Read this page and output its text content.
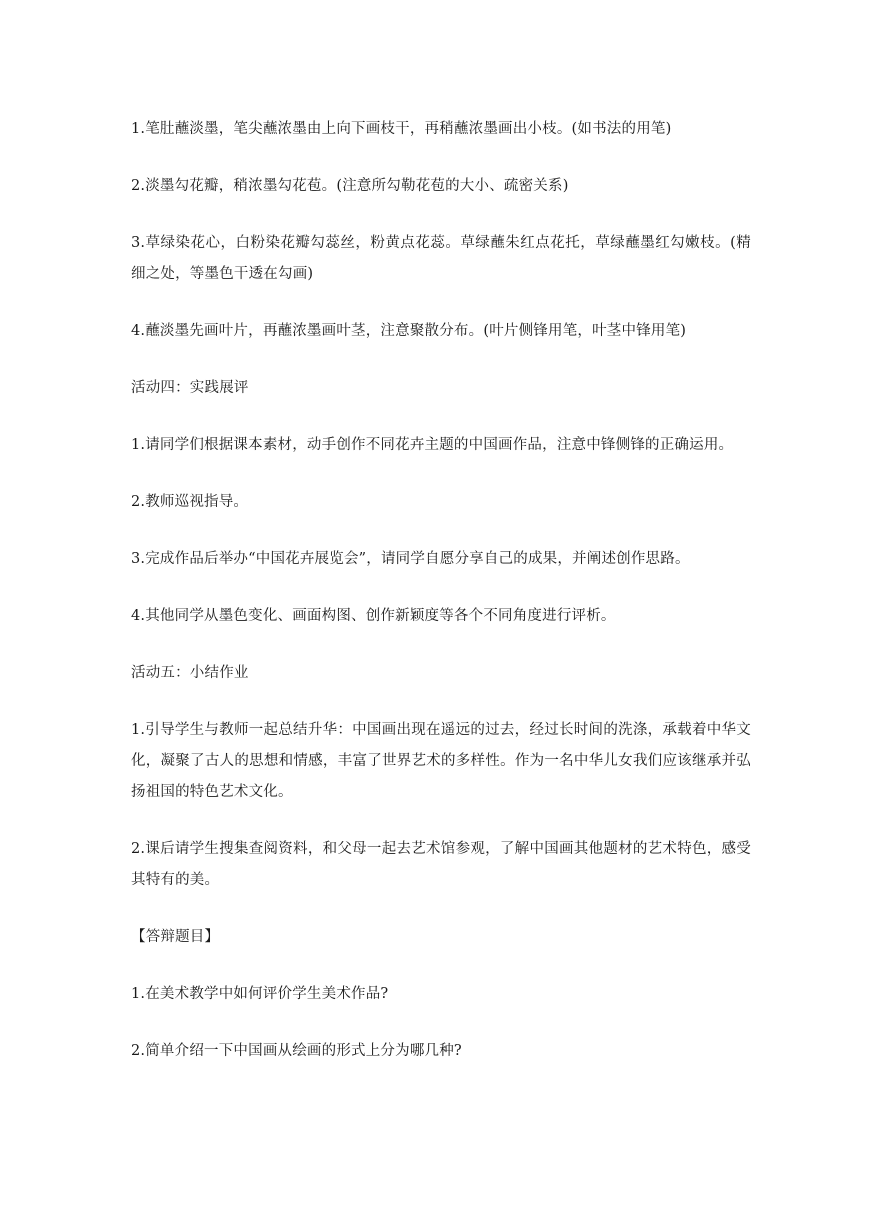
1.笔肚蘸淡墨，笔尖蘸浓墨由上向下画枝干，再稍蘸浓墨画出小枝。(如书法的用笔)

2.淡墨勾花瓣，稍浓墨勾花苞。(注意所勾勒花苞的大小、疏密关系)

3.草绿染花心，白粉染花瓣勾蕊丝，粉黄点花蕊。草绿蘸朱红点花托，草绿蘸墨红勾嫩枝。(精细之处，等墨色干透在勾画)

4.蘸淡墨先画叶片，再蘸浓墨画叶茎，注意聚散分布。(叶片侧锋用笔，叶茎中锋用笔)

活动四：实践展评

1.请同学们根据课本素材，动手创作不同花卉主题的中国画作品，注意中锋侧锋的正确运用。

2.教师巡视指导。

3.完成作品后举办“中国花卉展览会”，请同学自愿分享自己的成果，并阐述创作思路。

4.其他同学从墨色变化、画面构图、创作新颖度等各个不同角度进行评析。

活动五：小结作业

1.引导学生与教师一起总结升华：中国画出现在遥远的过去，经过长时间的洗涤，承载着中华文化，凝聚了古人的思想和情感，丰富了世界艺术的多样性。作为一名中华儿女我们应该继承并弘扬祖国的特色艺术文化。

2.课后请学生搜集查阅资料，和父母一起去艺术馆参观，了解中国画其他题材的艺术特色，感受其特有的美。

【答辩题目】

1.在美术教学中如何评价学生美术作品?

2.简单介绍一下中国画从绘画的形式上分为哪几种?
